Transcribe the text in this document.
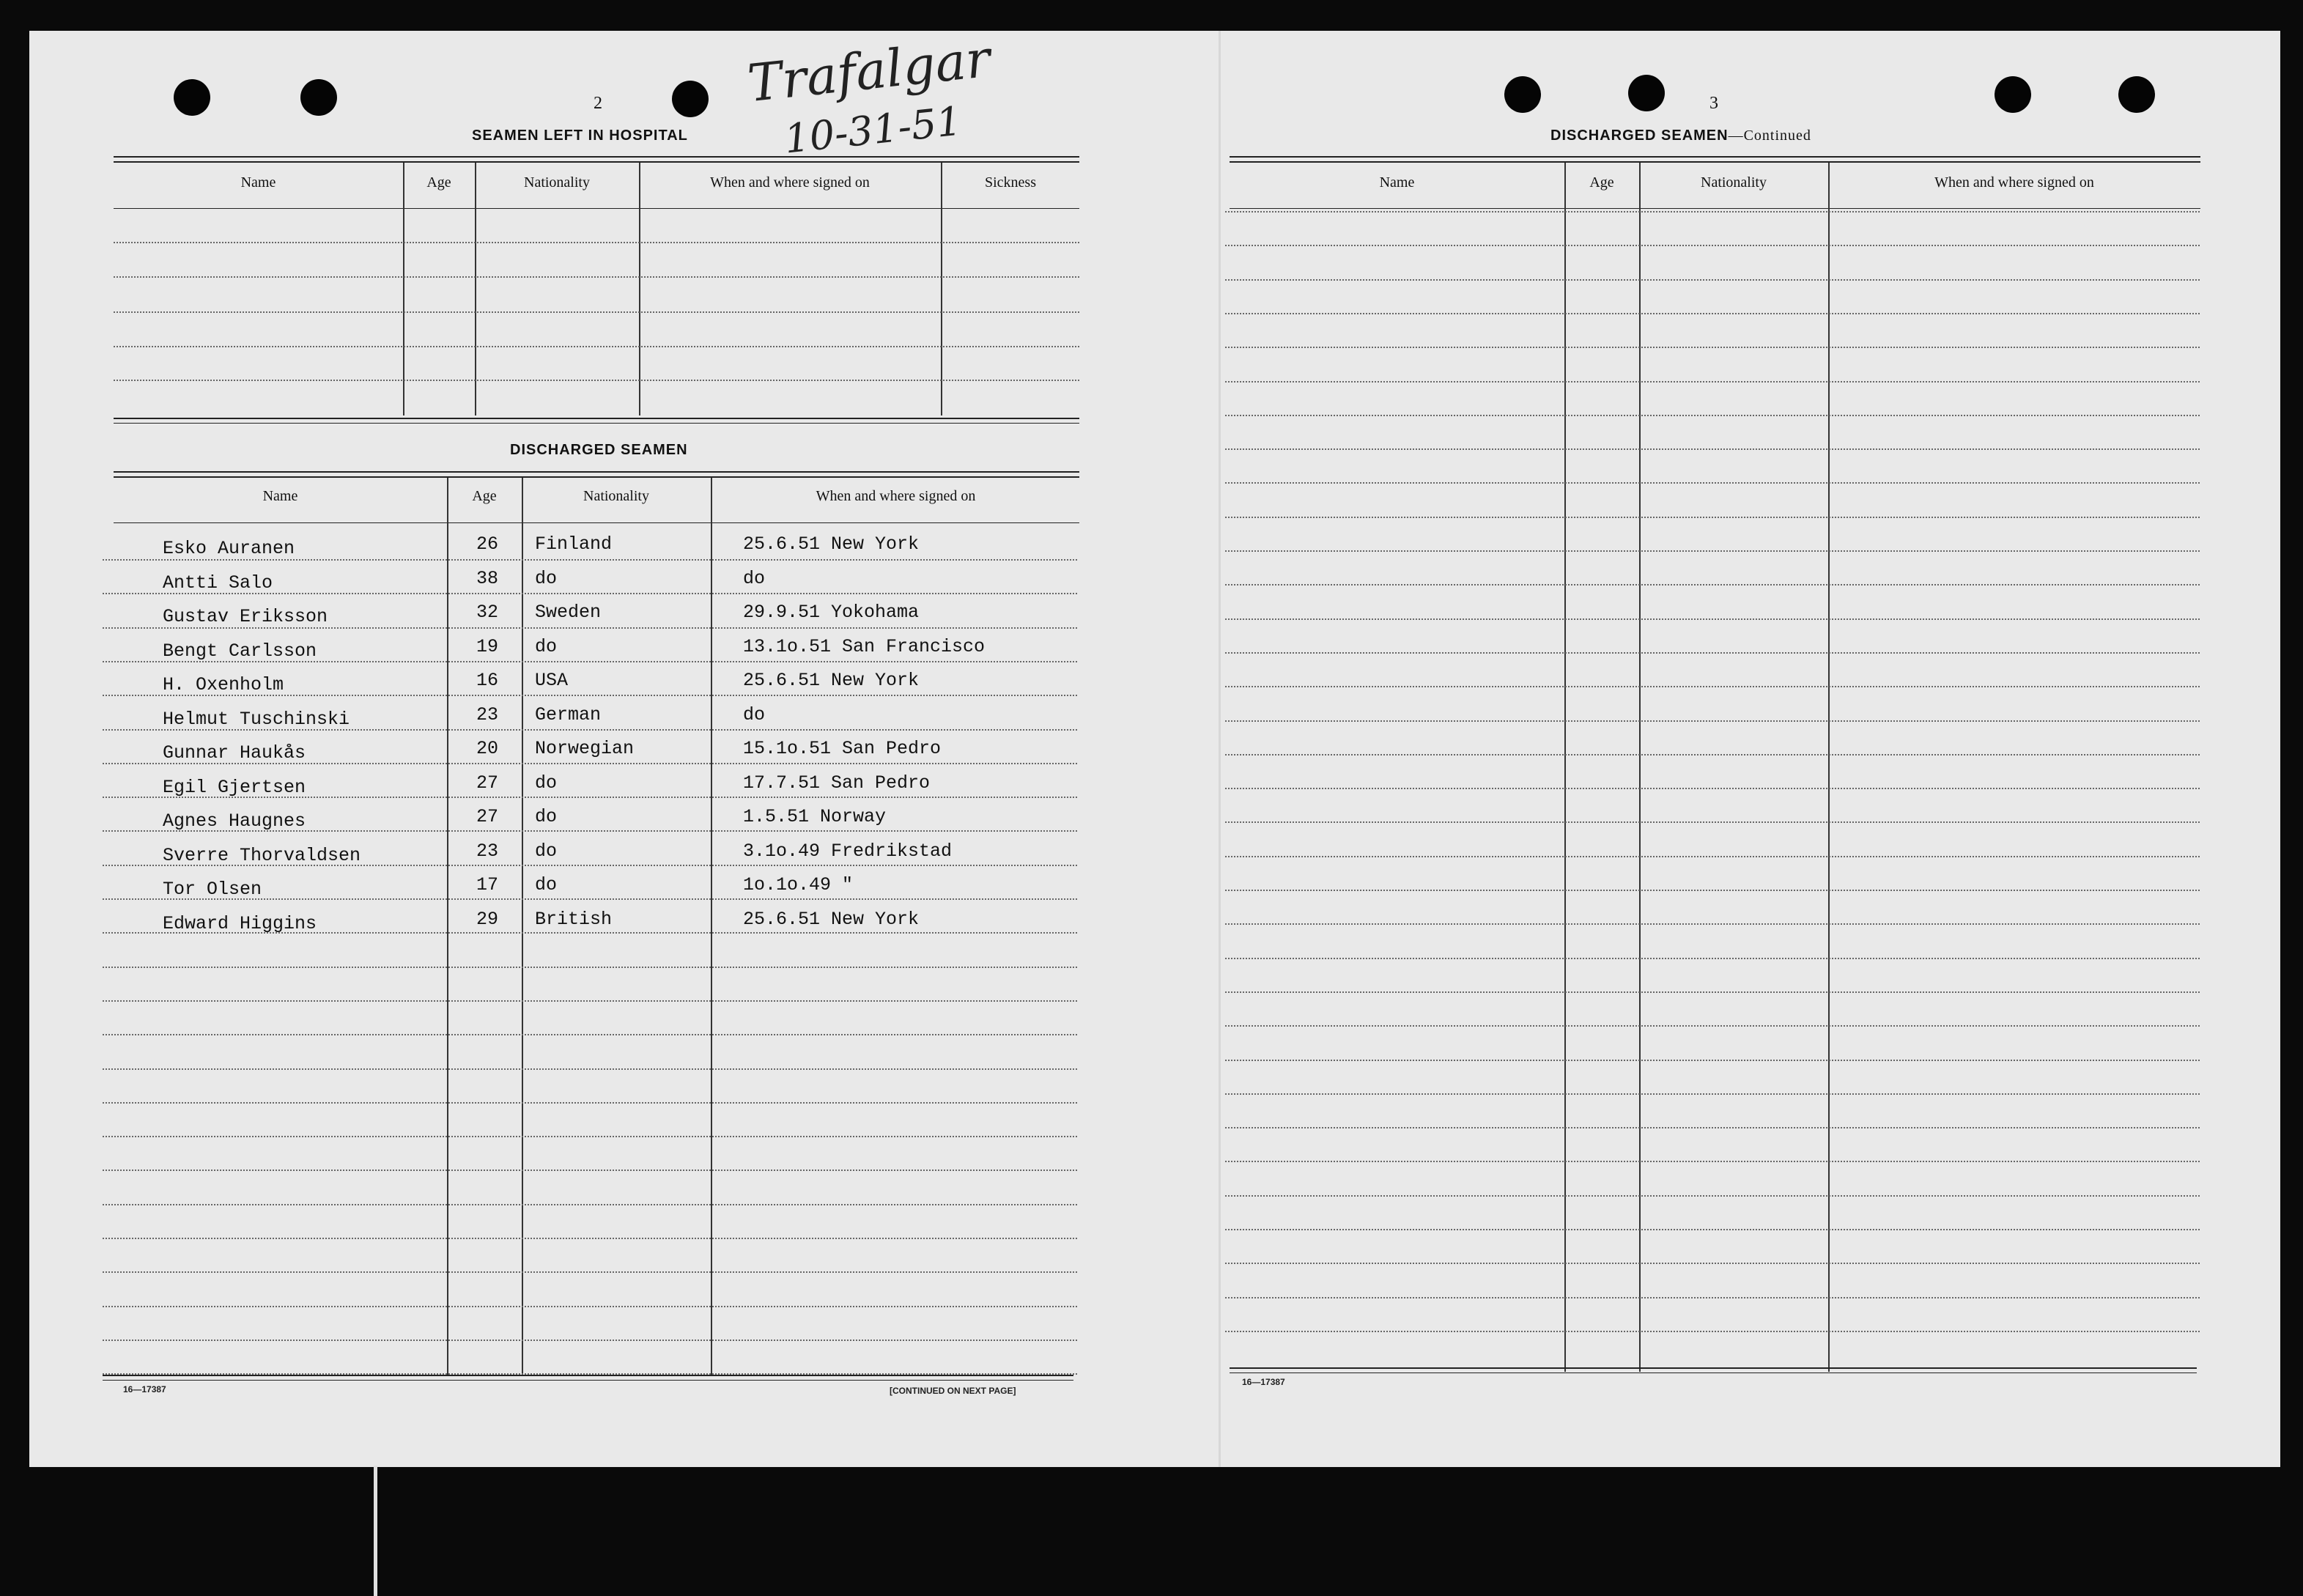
2
SEAMEN LEFT IN HOSPITAL
Trafalgar
10-31-51
Name	Age	Nationality	When and where signed on	Sickness
DISCHARGED SEAMEN
Name	Age	Nationality	When and where signed on
Esko Auranen	26 Finland	25.6.51 New York
Antti Salo	38 do	do
Gustav Eriksson	32 Sweden	29.9.51 Yokohama
Bengt Carlsson	19 do	13.1o.51 San Francisco
H. Oxenholm	16 USA	25.6.51 New York
Helmut Tuschinski	23 German	do
Gunnar Haukås	20 Norwegian	15.1o.51 San Pedro
Egil Gjertsen	27 do	17.7.51 San Pedro
Agnes Haugnes	27 do	1.5.51 Norway
Sverre Thorvaldsen	23 do	3.1o.49 Fredrikstad
Tor Olsen	17 do	1o.1o.49 "
Edward Higgins	29 British	25.6.51 New York
16—17387	[CONTINUED ON NEXT PAGE]
3
DISCHARGED SEAMEN—Continued
Name	Age	Nationality	When and where signed on
16—17387
